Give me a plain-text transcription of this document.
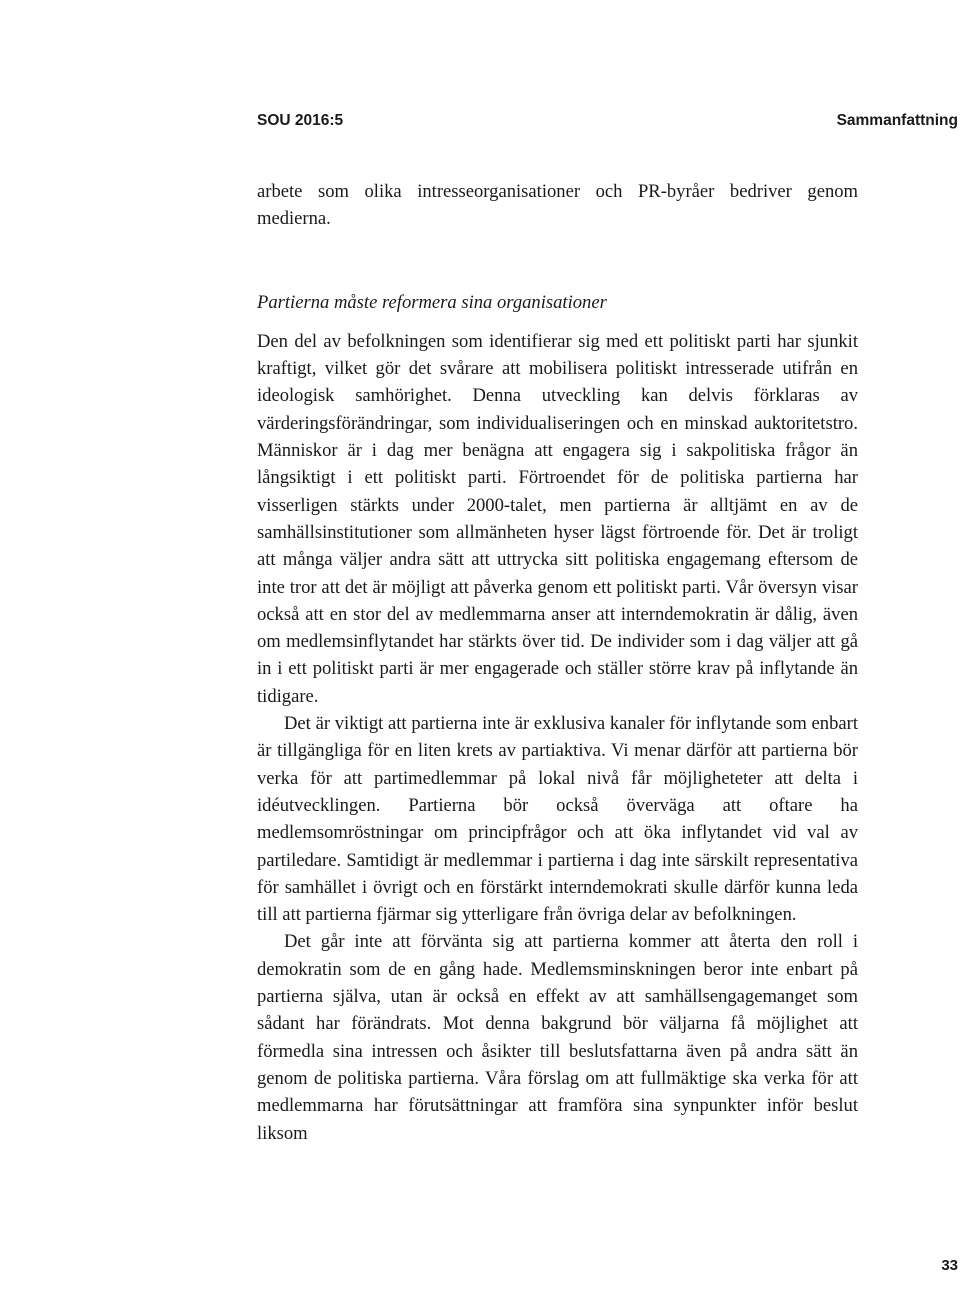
SOU 2016:5	Sammanfattning

arbete som olika intresseorganisationer och PR-byråer bedriver genom medierna.

Partierna måste reformera sina organisationer

Den del av befolkningen som identifierar sig med ett politiskt parti har sjunkit kraftigt, vilket gör det svårare att mobilisera politiskt intresserade utifrån en ideologisk samhörighet. Denna utveckling kan delvis förklaras av värderingsförändringar, som individualiseringen och en minskad auktoritetstro. Människor är i dag mer benägna att engagera sig i sakpolitiska frågor än långsiktigt i ett politiskt parti. Förtroendet för de politiska partierna har visserligen stärkts under 2000-talet, men partierna är alltjämt en av de samhällsinstitutioner som allmänheten hyser lägst förtroende för. Det är troligt att många väljer andra sätt att uttrycka sitt politiska engagemang eftersom de inte tror att det är möjligt att påverka genom ett politiskt parti. Vår översyn visar också att en stor del av medlemmarna anser att interndemokratin är dålig, även om medlemsinflytandet har stärkts över tid. De individer som i dag väljer att gå in i ett politiskt parti är mer engagerade och ställer större krav på inflytande än tidigare.

Det är viktigt att partierna inte är exklusiva kanaler för inflytande som enbart är tillgängliga för en liten krets av partiaktiva. Vi menar därför att partierna bör verka för att partimedlemmar på lokal nivå får möjligheteter att delta i idéutvecklingen. Partierna bör också överväga att oftare ha medlemsomröstningar om principfrågor och att öka inflytandet vid val av partiledare. Samtidigt är medlemmar i partierna i dag inte särskilt representativa för samhället i övrigt och en förstärkt interndemokrati skulle därför kunna leda till att partierna fjärmar sig ytterligare från övriga delar av befolkningen.

Det går inte att förvänta sig att partierna kommer att återta den roll i demokratin som de en gång hade. Medlemsminskningen beror inte enbart på partierna själva, utan är också en effekt av att samhällsengagemanget som sådant har förändrats. Mot denna bakgrund bör väljarna få möjlighet att förmedla sina intressen och åsikter till beslutsfattarna även på andra sätt än genom de politiska partierna. Våra förslag om att fullmäktige ska verka för att medlemmarna har förutsättningar att framföra sina synpunkter inför beslut liksom

33
